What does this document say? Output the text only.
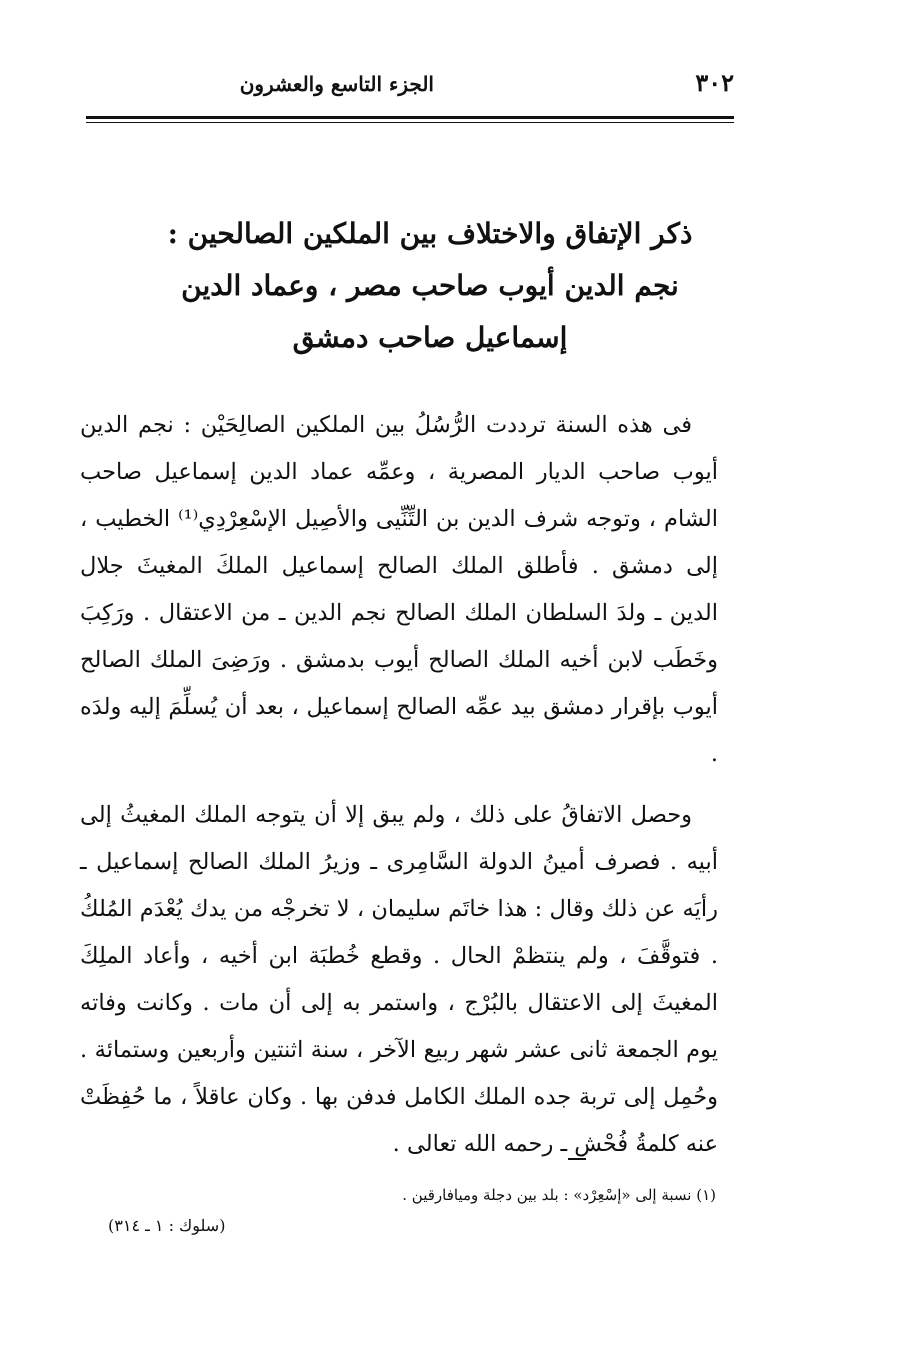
٣٠٢
الجزء التاسع والعشرون
ذكر الإتفاق والاختلاف بين الملكين الصالحين :
نجم الدين أيوب صاحب مصر ، وعماد الدين
إسماعيل صاحب دمشق

فى هذه السنة ترددت الرُّسُلُ بين الملكين الصالِحَيْن : نجم الدين أيوب صاحب الديار المصرية ، وعمِّه عماد الدين إسماعيل صاحب الشام ، وتوجه شرف الدين بن التِّنِّيى والأصِيل الإسْعِرْدِي⁽¹⁾ الخطيب ، إلى دمشق . فأطلق الملك الصالح إسماعيل الملكَ المغيثَ جلال الدين ـ ولدَ السلطان الملك الصالح نجم الدين ـ من الاعتقال . ورَكِبَ وخَطَب لابن أخيه الملك الصالح أيوب بدمشق . ورَضِىَ الملك الصالح أيوب بإقرار دمشق بيد عمِّه الصالح إسماعيل ، بعد أن يُسلِّمَ إليه ولدَه .

وحصل الاتفاقُ على ذلك ، ولم يبق إلا أن يتوجه الملك المغيثُ إلى أبيه . فصرف أمينُ الدولة السَّامِرى ـ وزيرُ الملك الصالح إسماعيل ـ رأيَه عن ذلك وقال : هذا خاتَم سليمان ، لا تخرجْه من يدك يُعْدَم المُلكُ . فتوقَّفَ ، ولم ينتظمْ الحال . وقطع خُطبَة ابن أخيه ، وأعاد الملِكَ المغيثَ إلى الاعتقال بالبُرْج ، واستمر به إلى أن مات . وكانت وفاته يوم الجمعة ثانى عشر شهر ربيع الآخر ، سنة اثنتين وأربعين وستمائة . وحُمِل إلى تربة جده الملك الكامل فدفن بها . وكان عاقلاً ، ما حُفِظَتْ عنه كلمةُ فُحْش ـ رحمه الله تعالى .

(١) نسبة إلى «إسْعِرْد» : بلد بين دجلة وميافارقين .
(سلوك : ١ ـ ٣١٤)
